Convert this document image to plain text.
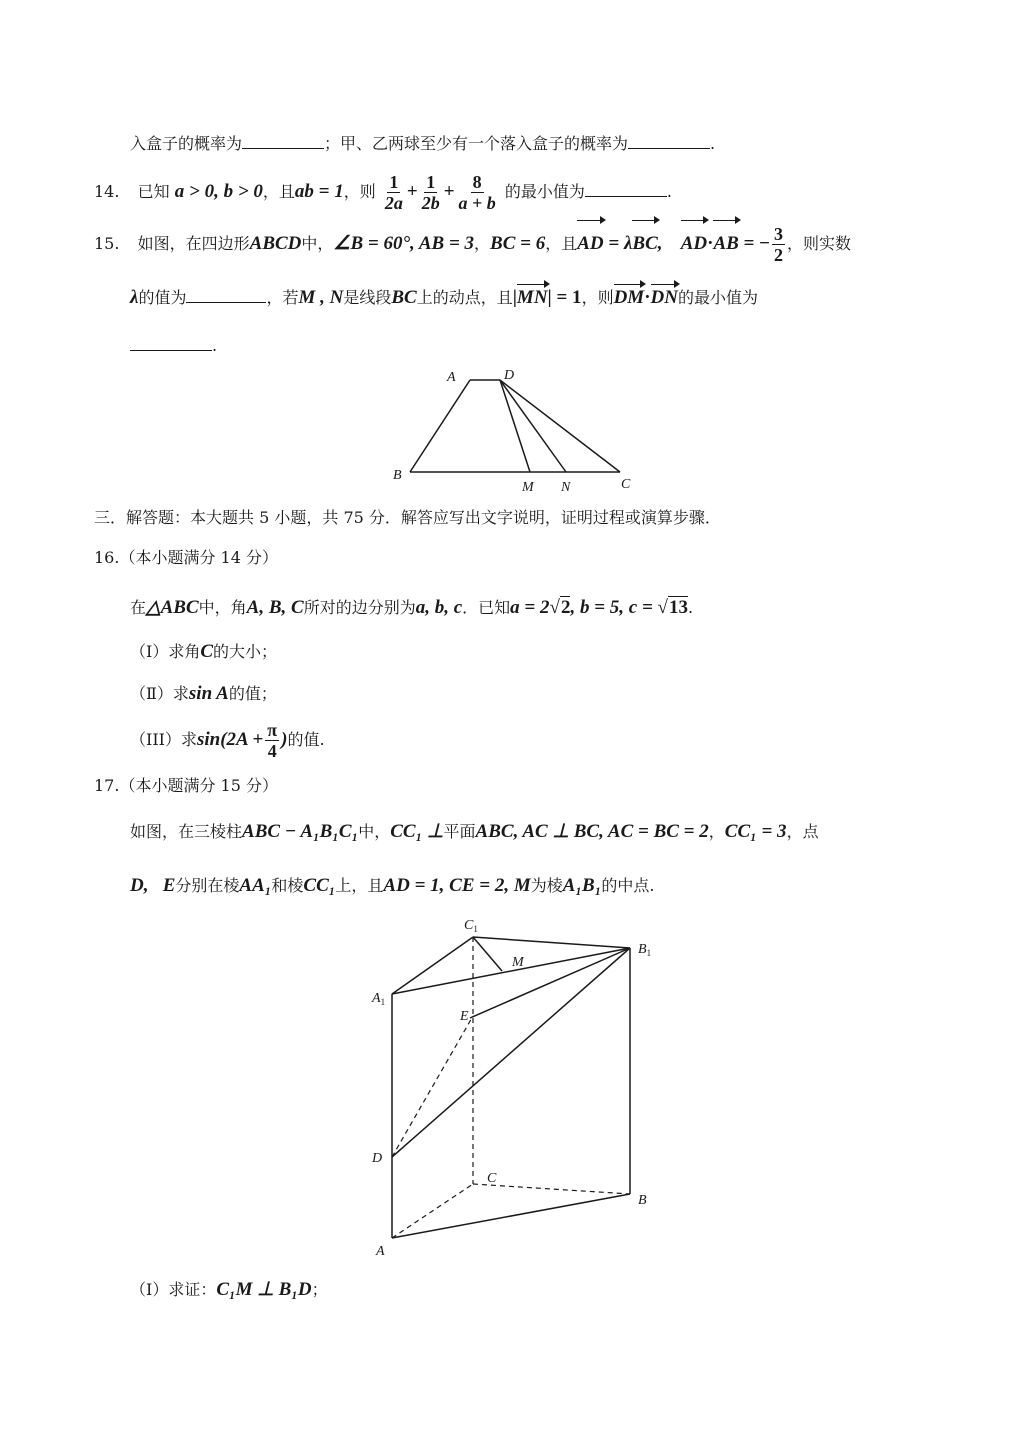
入盒子的概率为	；甲、乙两球至少有一个落入盒子的概率为	.
14. 已知 a > 0, b > 0，且ab = 1，则 $\frac{1}{2a} + \frac{1}{2b} + \frac{8}{a + b}$ 的最小值为	.
15. 如图，在四边形ABCD中，∠B = 60°, AB = 3，BC = 6，且AD = λBC, AD·AB = − $\frac{3}{2}$ ，则实数
λ的值为	，若M , N是线段BC上的动点，且|MN| = 1，则DM·DN的最小值为
.
A	D
B
M N	C
三．解答题：本大题共 5 小题，共 75 分．解答应写出文字说明，证明过程或演算步骤．
16.（本小题满分 14 分）
在△ABC中，角A, B, C所对的边分别为a, b, c．已知a = 2√2, b = 5, c = √13.
（Ⅰ）求角C的大小；
（Ⅱ）求sin A的值；
（III）求$\sin(2A + \frac{\pi}{4}$ )的值.
17.（本小题满分 15 分）
如图，在三棱柱ABC − A₁B₁C₁中，CC₁ ⊥平面ABC, AC ⊥ BC, AC = BC = 2，CC₁ = 3，点
D,   E分别在棱AA₁和棱CC₁上，且AD = 1, CE = 2, M为棱A₁B₁的中点.
$C_1$
$B_1$
$A_1$
M
E
D
C
B
A
（Ⅰ）求证：C₁M ⊥ B₁D；
